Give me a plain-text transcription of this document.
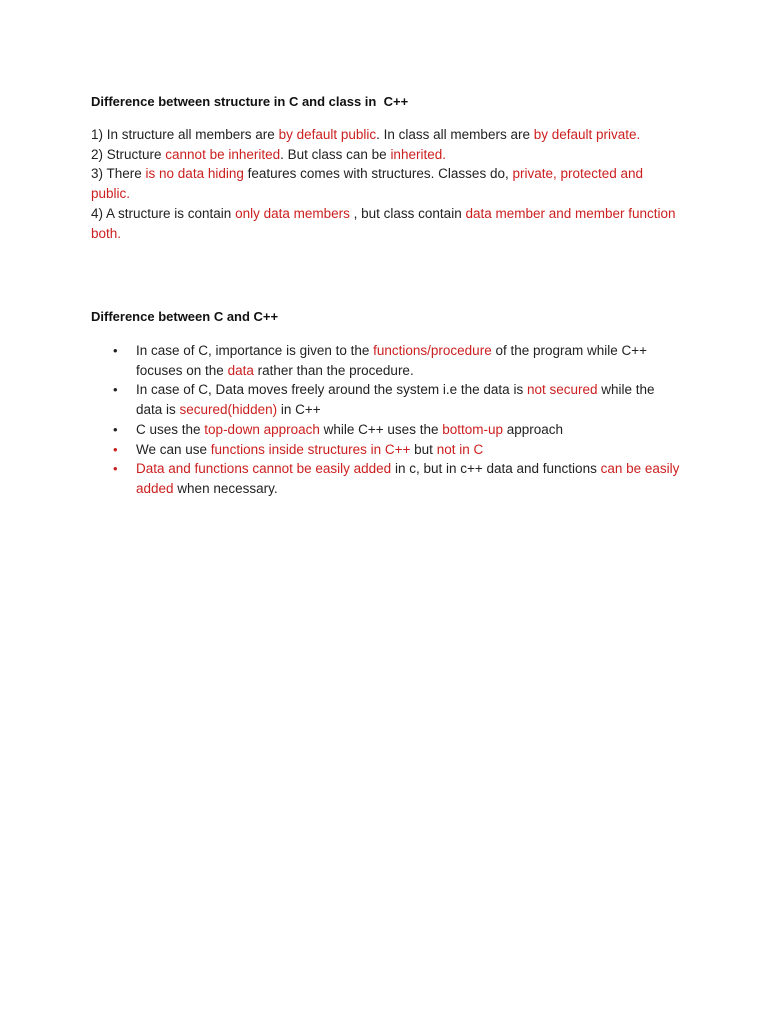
Difference between structure in C and class in  C++
1) In structure all members are by default public. In class all members are by default private.
2) Structure cannot be inherited. But class can be inherited.
3) There is no data hiding features comes with structures. Classes do, private, protected and public.
4) A structure is contain only data members , but class contain data member and member function both.
Difference between C and C++
• In case of C, importance is given to the functions/procedure of the program while C++ focuses on the data rather than the procedure.
• In case of C, Data moves freely around the system i.e the data is not secured while the data is secured(hidden) in C++
• C uses the top-down approach while C++ uses the bottom-up approach
• We can use functions inside structures in C++ but not in C
• Data and functions cannot be easily added in c, but in c++ data and functions can be easily added when necessary.
